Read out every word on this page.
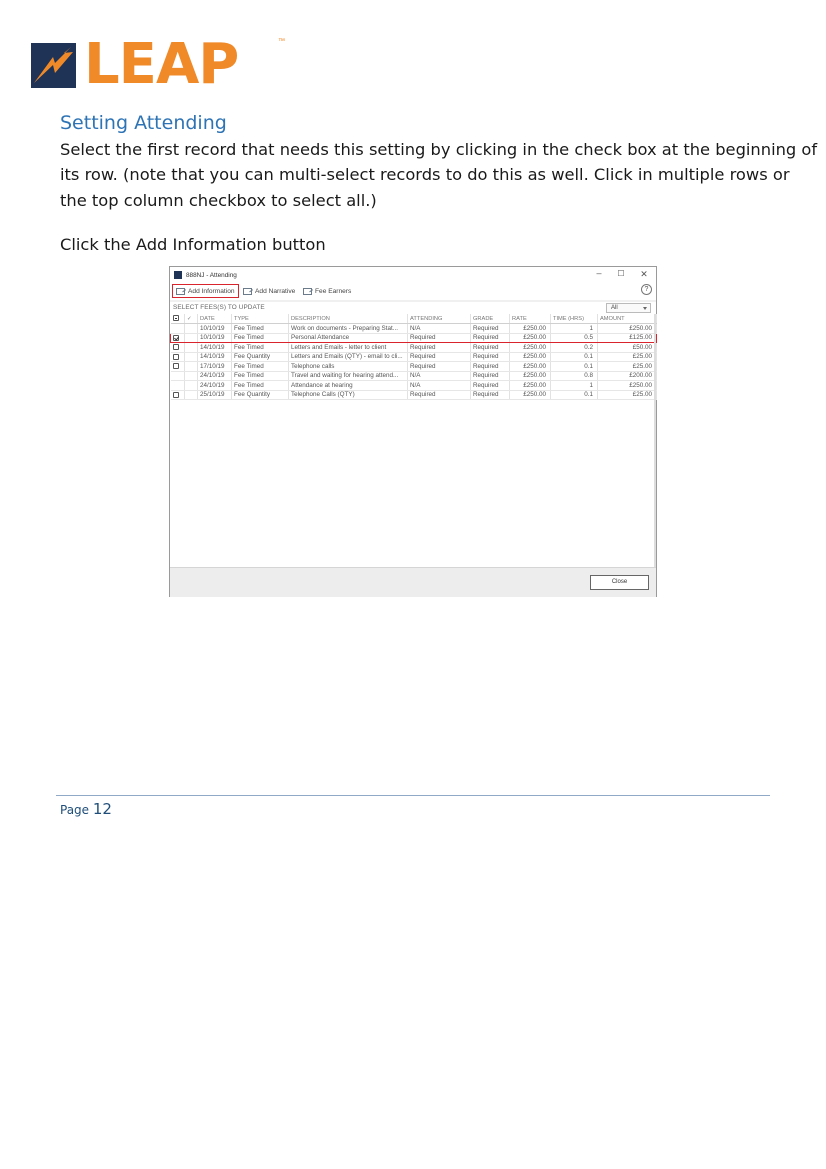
LEAP	™
Setting Attending
Select the first record that needs this setting by clicking in the check box at the beginning of
its row. (note that you can multi-select records to do this as well. Click in multiple rows or
the top column checkbox to select all.)
Click the Add Information button
888NJ - Attending	–	☐ ✕
Add Information	Add Narrative	Fee Earners	?
SELECT FEES(S) TO UPDATE	All
	✓	DATE	TYPE	DESCRIPTION	ATTENDING	GRADE	RATE	TIME (HRS)	AMOUNT
		10/10/19	Fee Timed	Work on documents - Preparing Stat...	N/A	Required	£250.00	1	£250.00
		10/10/19	Fee Timed	Personal Attendance	Required	Required	£250.00	0.5	£125.00
		14/10/19	Fee Timed	Letters and Emails - letter to client	Required	Required	£250.00	0.2	£50.00
		14/10/19	Fee Quantity	Letters and Emails (QTY) - email to cli...	Required	Required	£250.00	0.1	£25.00
		17/10/19	Fee Timed	Telephone calls	Required	Required	£250.00	0.1	£25.00
		24/10/19	Fee Timed	Travel and waiting for hearing attend...	N/A	Required	£250.00	0.8	£200.00
		24/10/19	Fee Timed	Attendance at hearing	N/A	Required	£250.00	1	£250.00
		25/10/19	Fee Quantity	Telephone Calls (QTY)	Required	Required	£250.00	0.1	£25.00
Close
Page 12
